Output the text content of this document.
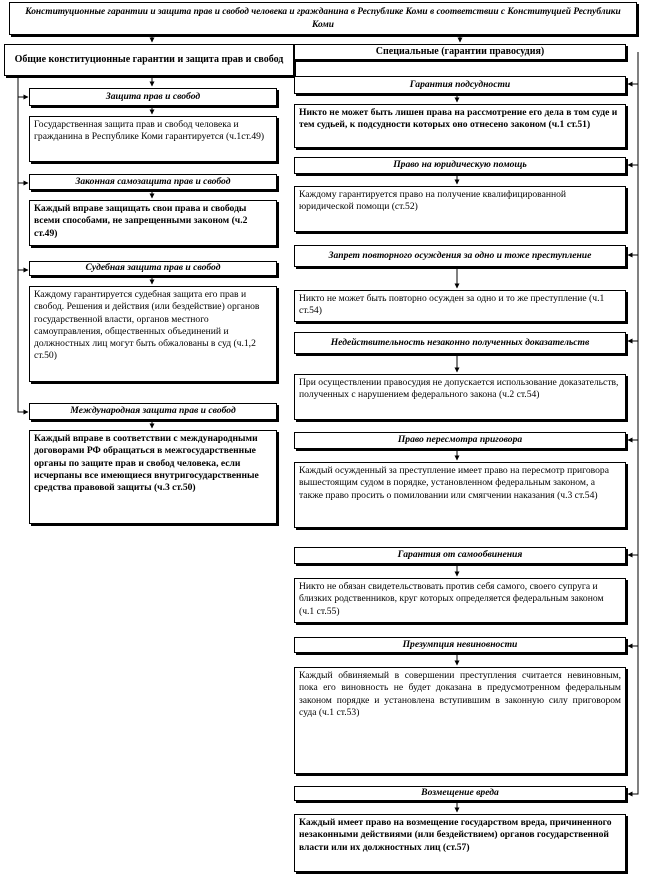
Конституционные гарантии и защита прав и свобод человека и гражданина в Республике Коми в соответствии с Конституцией Республики Коми
Общие конституционные гарантии и защита прав и свобод
Специальные (гарантии правосудия)
Защита прав и свобод
Государственная защита прав и свобод человека и гражданина в Республике Коми гарантируется (ч.1ст.49)
Законная самозащита прав и свобод
Каждый вправе защищать свои права и свободы всеми способами, не запрещенными законом (ч.2 ст.49)
Судебная защита прав и свобод
Каждому гарантируется судебная защита его прав и свобод. Решения и действия (или бездействие) органов государственной власти, органов местного самоуправления, общественных объединений и должностных лиц могут быть обжалованы в суд (ч.1,2 ст.50)
Международная защита прав и свобод
Каждый вправе в соответствии с международными договорами РФ обращаться в межгосударственные органы по защите прав и свобод человека, если исчерпаны все имеющиеся внутригосударственные средства правовой защиты (ч.3 ст.50)
Гарантия подсудности
Никто не может быть лишен права на рассмотрение его дела в том суде и тем судьей, к подсудности которых оно отнесено законом (ч.1 ст.51)
Право на юридическую помощь
Каждому гарантируется право на получение квалифицированной юридической помощи (ст.52)
Запрет повторного осуждения за одно и тоже преступление
Никто не может быть повторно осужден за одно и то же преступление (ч.1 ст.54)
Недействительность незаконно полученных доказательств
При осуществлении правосудия не допускается использование доказательств, полученных с нарушением федерального закона (ч.2 ст.54)
Право пересмотра приговора
Каждый осужденный за преступление имеет право на пересмотр приговора вышестоящим судом в порядке, установленном федеральным законом, а также право просить о помиловании или смягчении наказания (ч.3 ст.54)
Гарантия от самообвинения
Никто не обязан свидетельствовать против себя самого, своего супруга и близких родственников, круг которых определяется федеральным законом (ч.1 ст.55)
Презумпция невиновности
Каждый обвиняемый в совершении преступления считается невиновным, пока его виновность не будет доказана в предусмотренном федеральным законом порядке и установлена вступившим в законную силу приговором суда (ч.1 ст.53)
Возмещение вреда
Каждый имеет право на возмещение государством вреда, причиненного незаконными действиями (или бездействием) органов государственной власти или их должностных лиц (ст.57)
